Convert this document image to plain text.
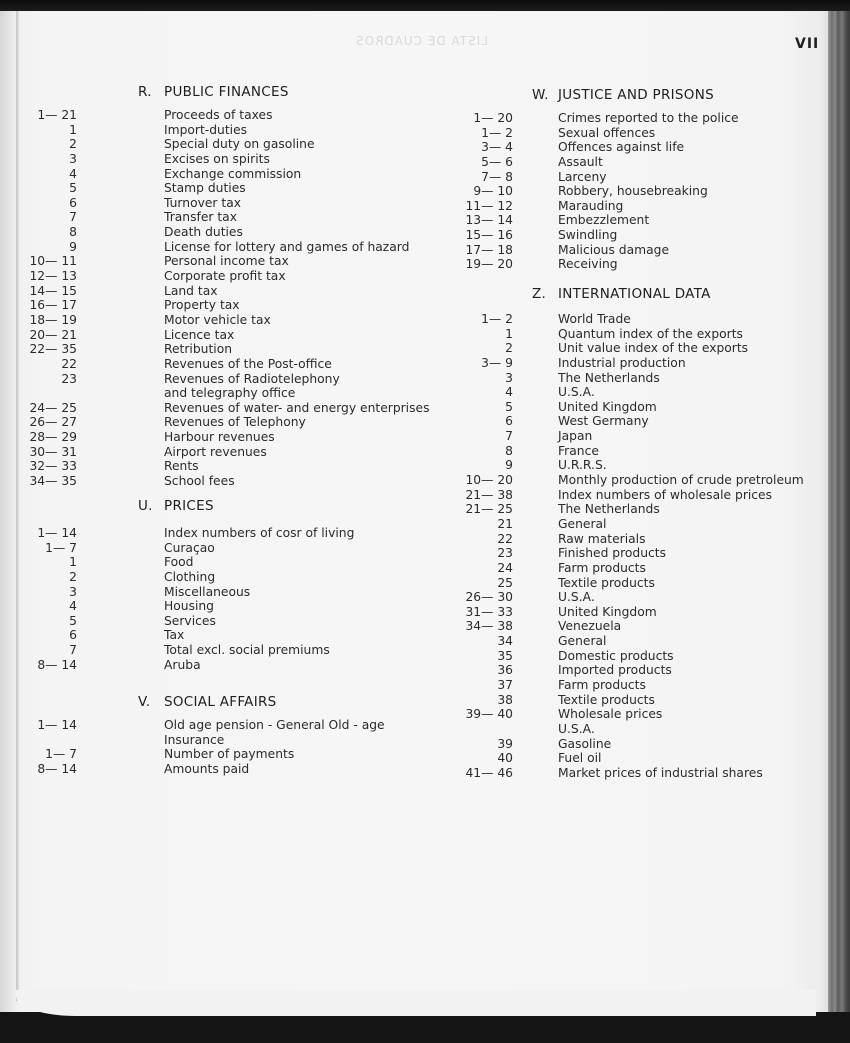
LISTA DE CUADROS	VII
R. PUBLIC FINANCES
1— 21	Proceeds of taxes
1	Import-duties
2	Special duty on gasoline
3	Excises on spirits
4	Exchange commission
5	Stamp duties
6	Turnover tax
7	Transfer tax
8	Death duties
9	License for lottery and games of hazard
10— 11	Personal income tax
12— 13	Corporate profit tax
14— 15	Land tax
16— 17	Property tax
18— 19	Motor vehicle tax
20— 21	Licence tax
22— 35	Retribution
22	Revenues of the Post-office
23	Revenues of Radiotelephony
and telegraphy office
24— 25	Revenues of water- and energy enterprises
26— 27	Revenues of Telephony
28— 29	Harbour revenues
30— 31	Airport revenues
32— 33	Rents
34— 35	School fees
U. PRICES
1— 14	Index numbers of cosr of living
1— 7	Curaçao
1	Food
2	Clothing
3	Miscellaneous
4	Housing
5	Services
6	Tax
7	Total excl. social premiums
8— 14	Aruba
V. SOCIAL AFFAIRS
1— 14	Old age pension - General Old - age
Insurance
1— 7	Number of payments
8— 14	Amounts paid
W. JUSTICE AND PRISONS
1— 20	Crimes reported to the police
1— 2	Sexual offences
3— 4	Offences against life
5— 6	Assault
7— 8	Larceny
9— 10	Robbery, housebreaking
11— 12	Marauding
13— 14	Embezzlement
15— 16	Swindling
17— 18	Malicious damage
19— 20	Receiving
Z. INTERNATIONAL DATA
1— 2	World Trade
1	Quantum index of the exports
2	Unit value index of the exports
3— 9	Industrial production
3	The Netherlands
4	U.S.A.
5	United Kingdom
6	West Germany
7	Japan
8	France
9	U.R.R.S.
10— 20	Monthly production of crude pretroleum
21— 38	Index numbers of wholesale prices
21— 25	The Netherlands
21	General
22	Raw materials
23	Finished products
24	Farm products
25	Textile products
26— 30	U.S.A.
31— 33	United Kingdom
34— 38	Venezuela
34	General
35	Domestic products
36	Imported products
37	Farm products
38	Textile products
39— 40	Wholesale prices
U.S.A.
39	Gasoline
40	Fuel oil
41— 46	Market prices of industrial shares
